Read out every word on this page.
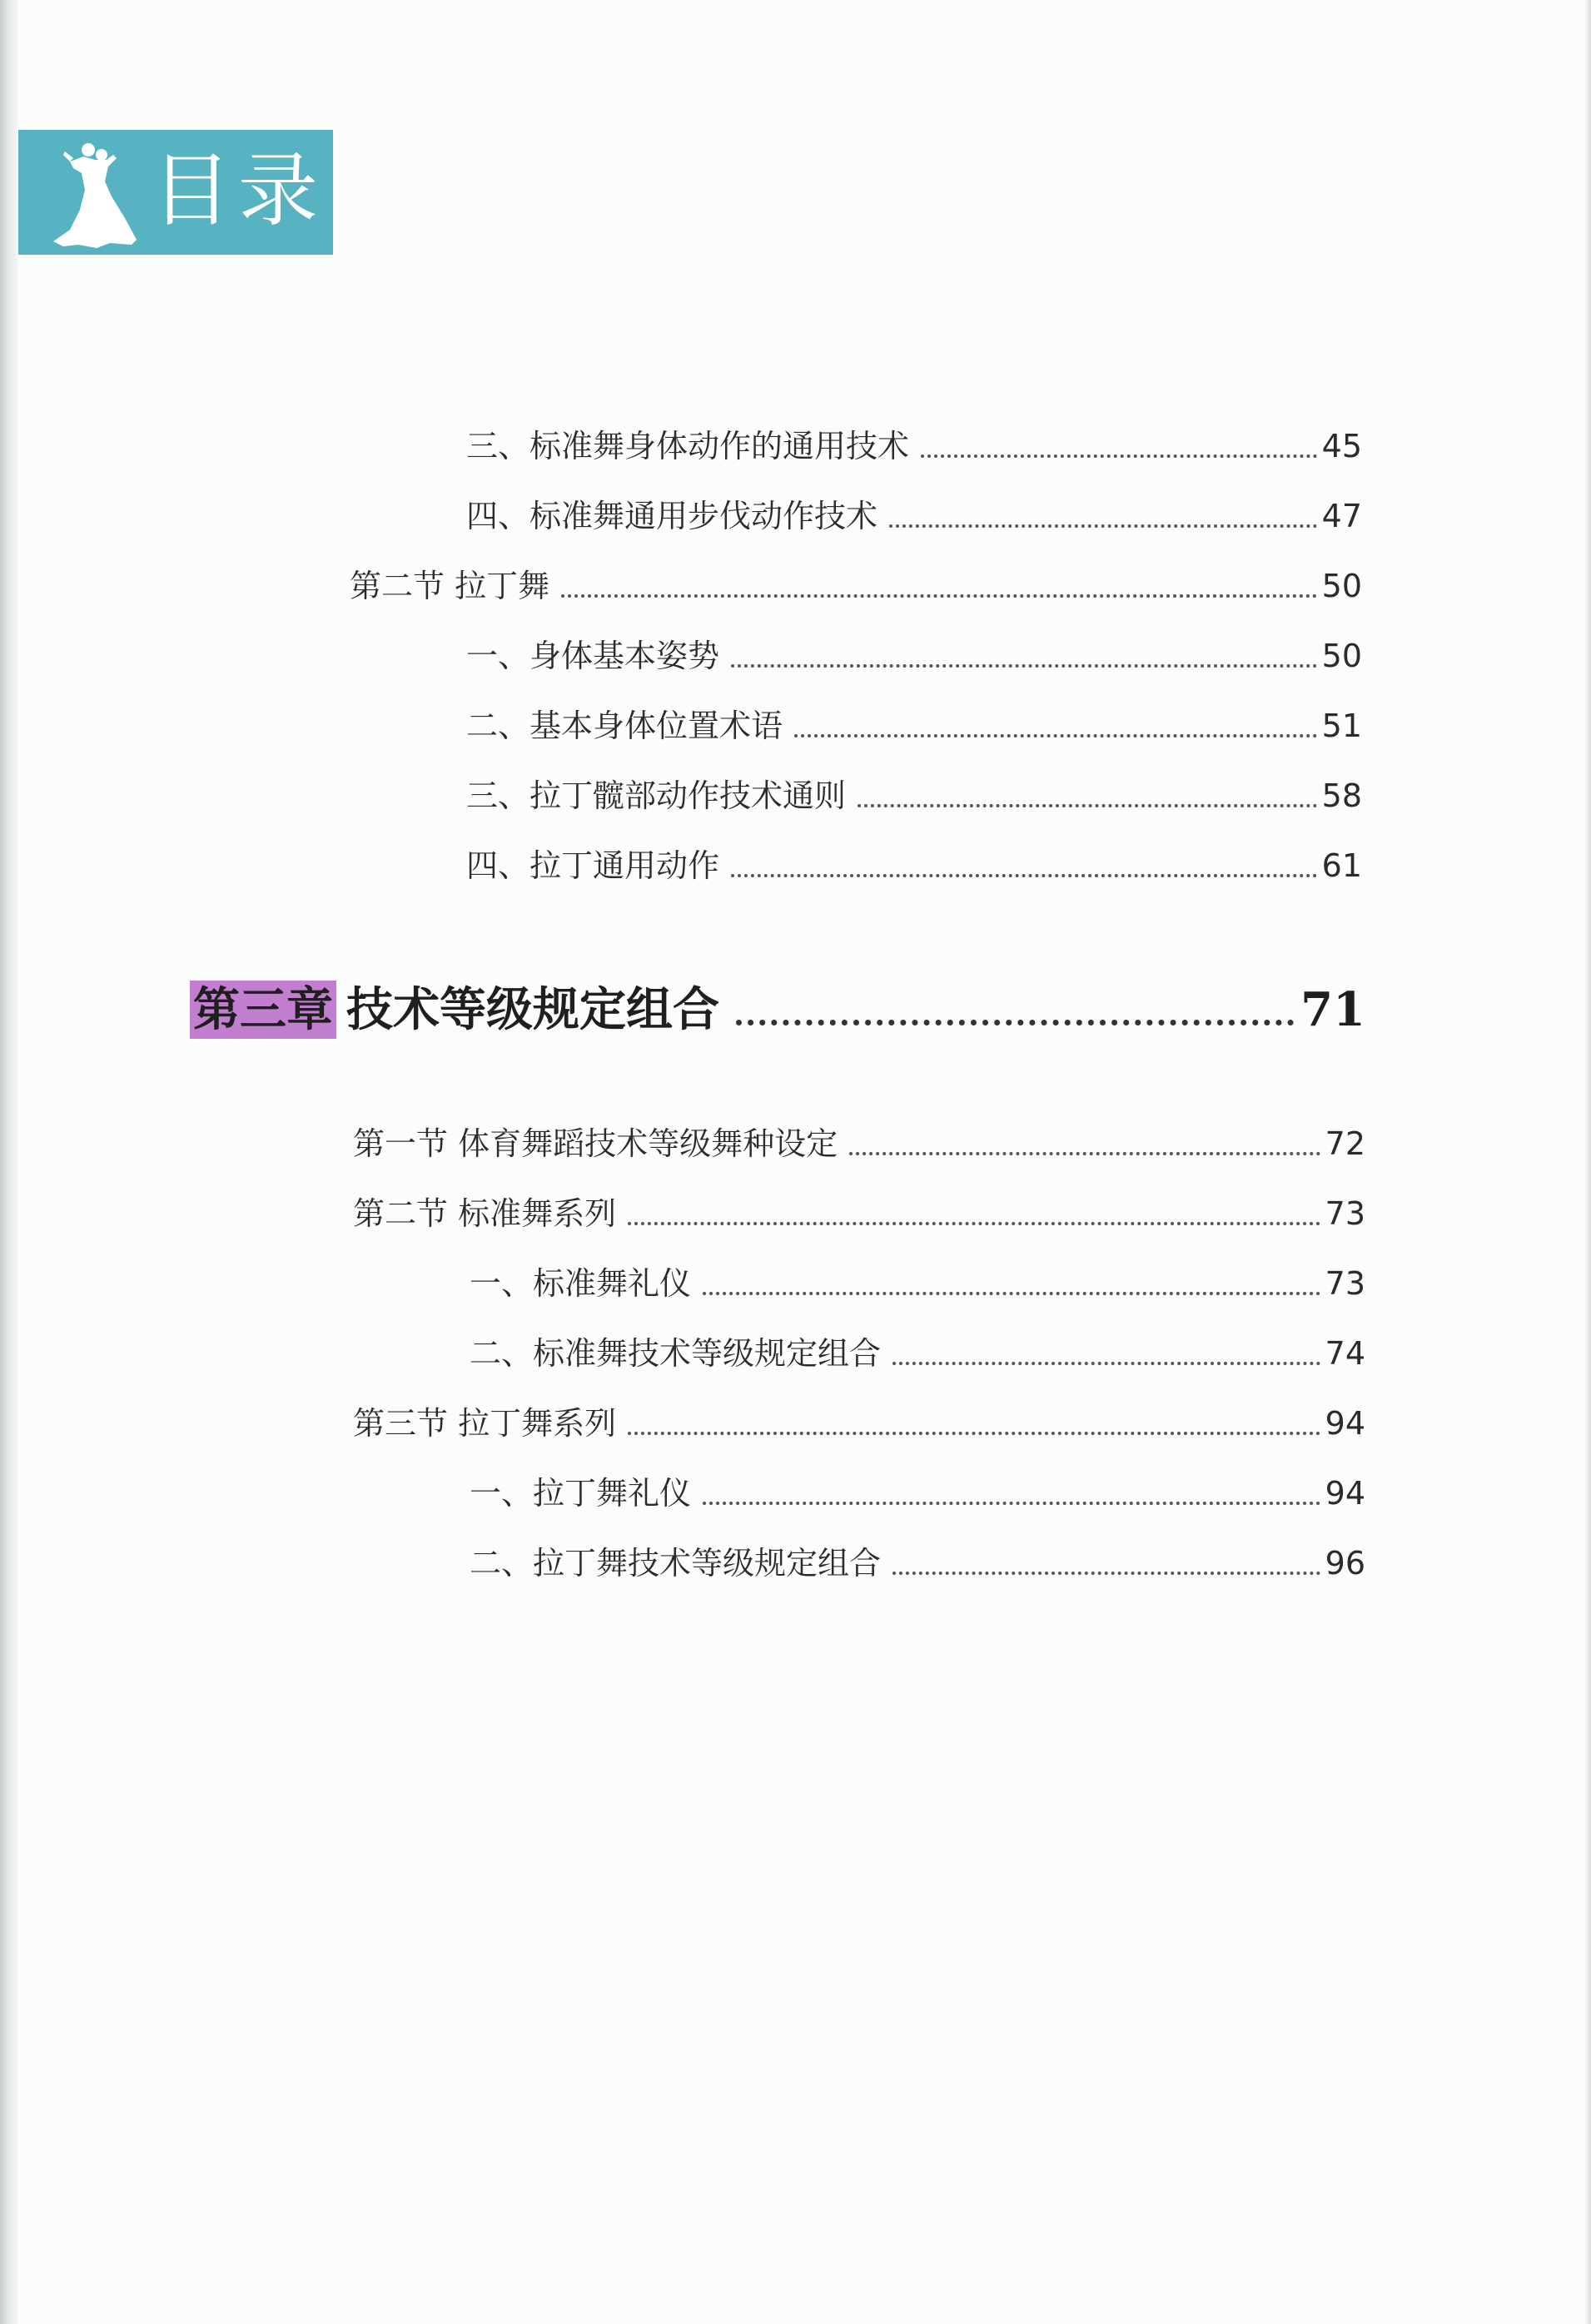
目录
三、标准舞身体动作的通用技术	45
四、标准舞通用步伐动作技术	47
第二节 拉丁舞	50
一、身体基本姿势	50
二、基本身体位置术语	51
三、拉丁髋部动作技术通则	58
四、拉丁通用动作	61
第三章 技术等级规定组合	71
第一节 体育舞蹈技术等级舞种设定	72
第二节 标准舞系列	73
一、标准舞礼仪	73
二、标准舞技术等级规定组合	74
第三节 拉丁舞系列	94
一、拉丁舞礼仪	94
二、拉丁舞技术等级规定组合	96
